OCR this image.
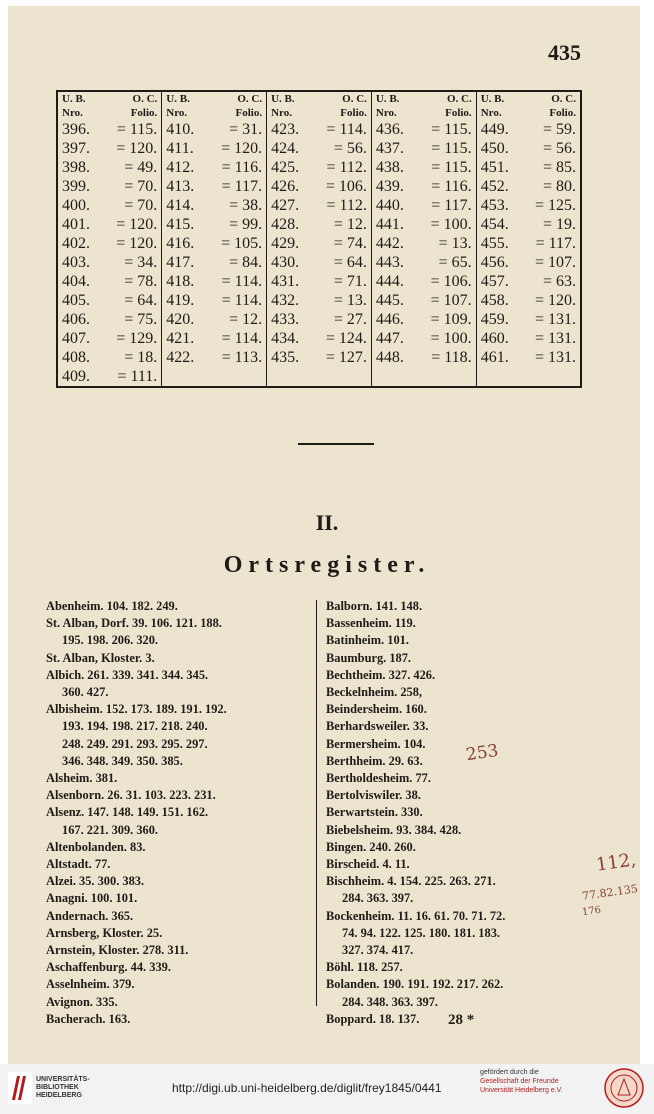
435
U. B. O. C.	U. B. O. C.	U. B. O. C.	U. B. O. C.	U. B. O. C.

Nro. Folio.	Nro. Folio.	Nro. Folio.	Nro. Folio.	Nro. Folio.

396. = 115.	410. = 31.	423. = 114.	436. = 115.	449. = 59.

397. = 120.	411. = 120.	424. = 56.	437. = 115.	450. = 56.

398. = 49.	412. = 116.	425. = 112.	438. = 115.	451. = 85.

399. = 70.	413. = 117.	426. = 106.	439. = 116.	452. = 80.

400. = 70.	414. = 38.	427. = 112.	440. = 117.	453. = 125.

401. = 120.	415. = 99.	428. = 12.	441. = 100.	454. = 19.

402. = 120.	416. = 105.	429. = 74.	442. = 13.	455. = 117.

403. = 34.	417. = 84.	430. = 64.	443. = 65.	456. = 107.

404. = 78.	418. = 114.	431. = 71.	444. = 106.	457. = 63.

405. = 64.	419. = 114.	432. = 13.	445. = 107.	458. = 120.

406. = 75.	420. = 12.	433. = 27.	446. = 109.	459. = 131.

407. = 129.	421. = 114.	434. = 124.	447. = 100.	460. = 131.

408. = 18.	422. = 113.	435. = 127.	448. = 118.	461. = 131.

409. = 111.				

II.
Ortsregister.
Abenheim. 104. 182. 249.
St. Alban, Dorf. 39. 106. 121. 188.
195. 198. 206. 320.
St. Alban, Kloster. 3.
Albich. 261. 339. 341. 344. 345.
360. 427.
Albisheim. 152. 173. 189. 191. 192.
193. 194. 198. 217. 218. 240.
248. 249. 291. 293. 295. 297.
346. 348. 349. 350. 385.
Alsheim. 381.
Alsenborn. 26. 31. 103. 223. 231.
Alsenz. 147. 148. 149. 151. 162.
167. 221. 309. 360.
Altenbolanden. 83.
Altstadt. 77.
Alzei. 35. 300. 383.
Anagni. 100. 101.
Andernach. 365.
Arnsberg, Kloster. 25.
Arnstein, Kloster. 278. 311.
Aschaffenburg. 44. 339.
Asselnheim. 379.
Avignon. 335.
Bacherach. 163.
Balborn. 141. 148.
Bassenheim. 119.
Batinheim. 101.
Baumburg. 187.
Bechtheim. 327. 426.
Beckelnheim. 258,
Beindersheim. 160.
Berhardsweiler. 33.
Bermersheim. 104.
Berthheim. 29. 63.
Bertholdesheim. 77.
Bertolviswiler. 38.
Berwartstein. 330.
Biebelsheim. 93. 384. 428.
Bingen. 240. 260.
Birscheid. 4. 11.
Bischheim. 4. 154. 225. 263. 271.
284. 363. 397.
Bockenheim. 11. 16. 61. 70. 71. 72.
74. 94. 122. 125. 180. 181. 183.
327. 374. 417.
Böhl. 118. 257.
Bolanden. 190. 191. 192. 217. 262.
284. 348. 363. 397.
Boppard. 18. 137.	28 *
253
112,
77.82.135
176
UNIVERSITÄTS-
BIBLIOTHEK
HEIDELBERG
http://digi.ub.uni-heidelberg.de/diglit/frey1845/0441
gefördert durch die
Gesellschaft der Freunde
Universität Heidelberg e.V.
